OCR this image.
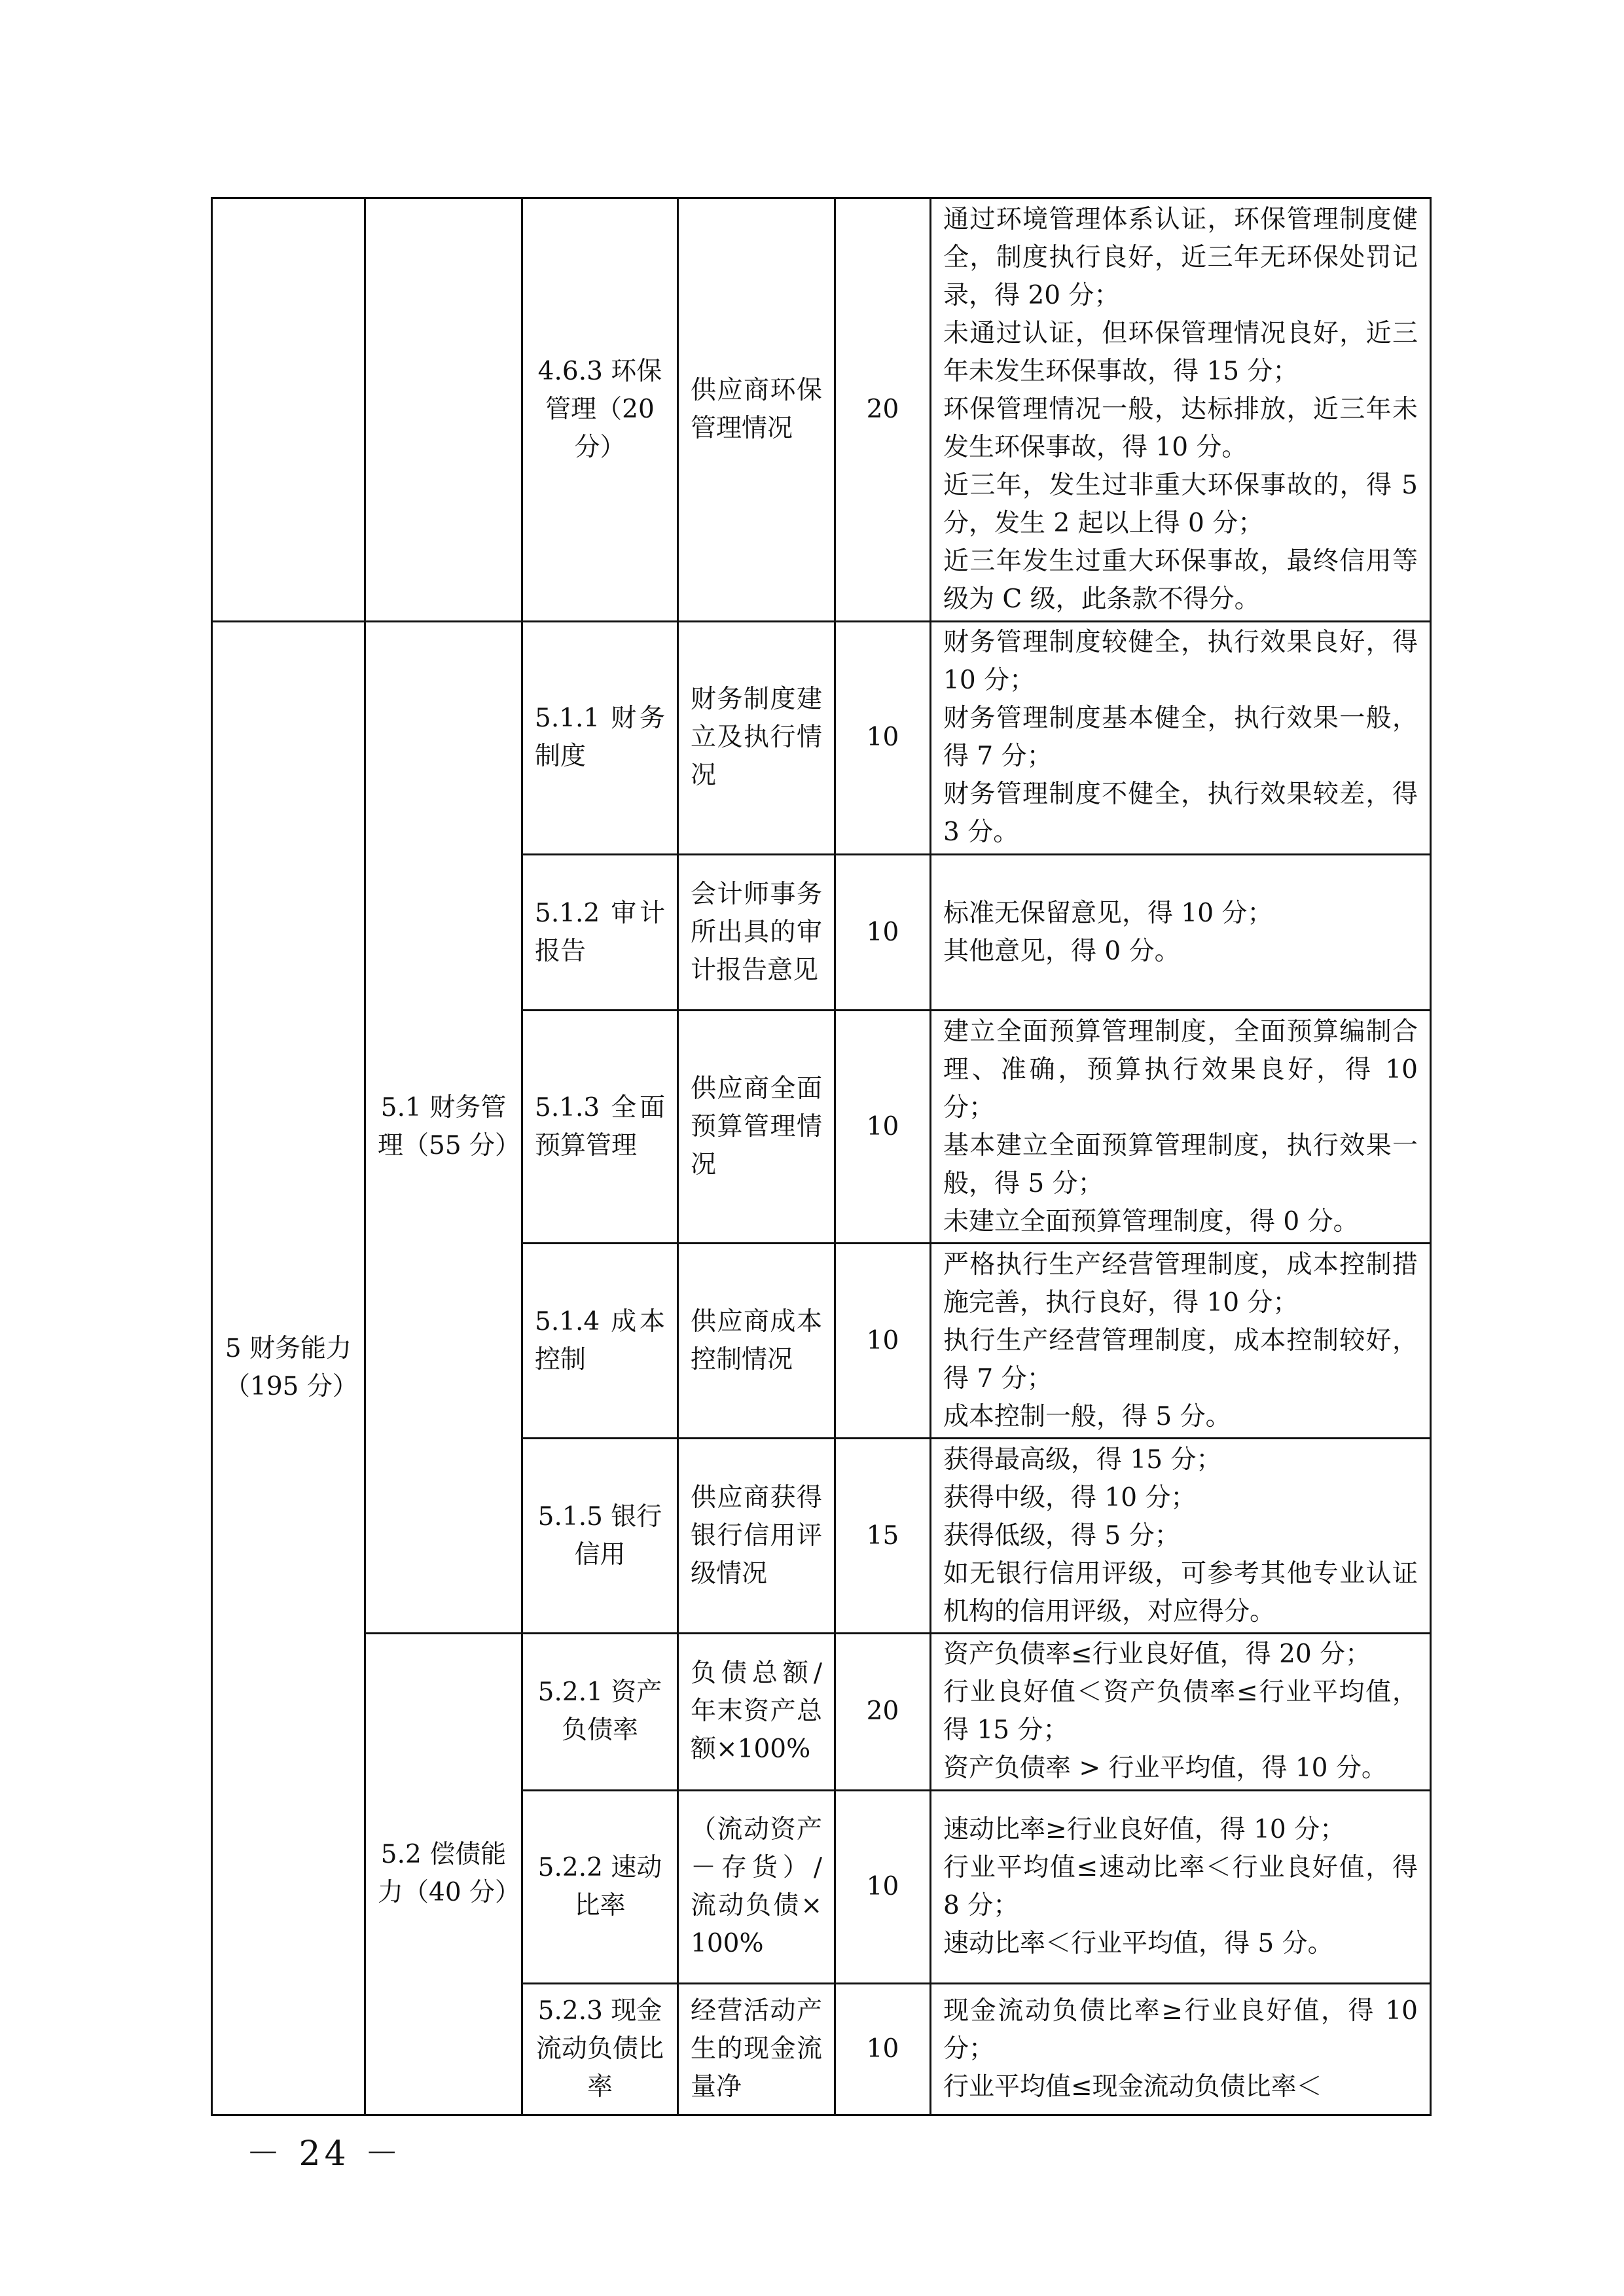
		4.6.3 环保管理（20 分）	供应商环保管理情况	20	通过环境管理体系认证，环保管理制度健全，制度执行良好，近三年无环保处罚记录，得 20 分；
未通过认证，但环保管理情况良好，近三年未发生环保事故，得 15 分；
环保管理情况一般，达标排放，近三年未发生环保事故，得 10 分。
近三年，发生过非重大环保事故的，得 5 分，发生 2 起以上得 0 分；
近三年发生过重大环保事故，最终信用等级为 C 级，此条款不得分。

5 财务能力（195 分）	5.1 财务管理（55 分）	5.1.1 财务制度	财务制度建立及执行情况	10	财务管理制度较健全，执行效果良好，得 10 分；
财务管理制度基本健全，执行效果一般，得 7 分；
财务管理制度不健全，执行效果较差，得 3 分。

		5.1.2 审计报告	会计师事务所出具的审计报告意见	10	标准无保留意见，得 10 分；
其他意见，得 0 分。

		5.1.3 全面预算管理	供应商全面预算管理情况	10	建立全面预算管理制度，全面预算编制合理、准确，预算执行效果良好，得 10 分；
基本建立全面预算管理制度，执行效果一般，得 5 分；
未建立全面预算管理制度，得 0 分。

		5.1.4 成本控制	供应商成本控制情况	10	严格执行生产经营管理制度，成本控制措施完善，执行良好，得 10 分；
执行生产经营管理制度，成本控制较好，得 7 分；
成本控制一般，得 5 分。

		5.1.5 银行信用	供应商获得银行信用评级情况	15	获得最高级，得 15 分；
获得中级，得 10 分；
获得低级，得 5 分；
如无银行信用评级，可参考其他专业认证机构的信用评级，对应得分。

	5.2 偿债能力（40 分）	5.2.1 资产负债率	负债总额/年末资产总额×100%	20	资产负债率≤行业良好值，得 20 分；
行业良好值＜资产负债率≤行业平均值，得 15 分；
资产负债率 > 行业平均值，得 10 分。

		5.2.2 速动比率	（流动资产－存货）/流动负债×100%	10	速动比率≥行业良好值，得 10 分；
行业平均值≤速动比率＜行业良好值，得 8 分；
速动比率＜行业平均值，得 5 分。

		5.2.3 现金流动负债比率	经营活动产生的现金流量净	10	现金流动负债比率≥行业良好值，得 10 分；
行业平均值≤现金流动负债比率＜
－ 24 －
